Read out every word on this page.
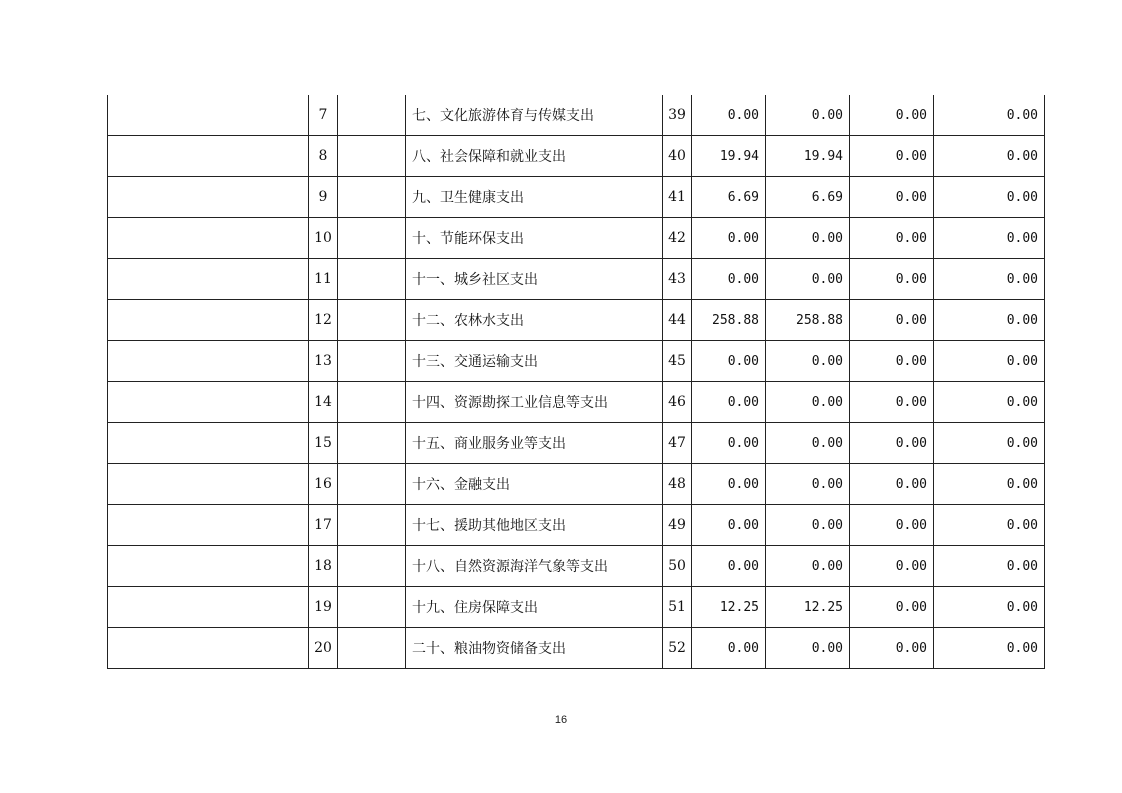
	7		七、文化旅游体育与传媒支出	39	0.00	0.00	0.00	0.00
	8		八、社会保障和就业支出	40	19.94	19.94	0.00	0.00
	9		九、卫生健康支出	41	6.69	6.69	0.00	0.00
	10		十、节能环保支出	42	0.00	0.00	0.00	0.00
	11		十一、城乡社区支出	43	0.00	0.00	0.00	0.00
	12		十二、农林水支出	44	258.88	258.88	0.00	0.00
	13		十三、交通运输支出	45	0.00	0.00	0.00	0.00
	14		十四、资源勘探工业信息等支出	46	0.00	0.00	0.00	0.00
	15		十五、商业服务业等支出	47	0.00	0.00	0.00	0.00
	16		十六、金融支出	48	0.00	0.00	0.00	0.00
	17		十七、援助其他地区支出	49	0.00	0.00	0.00	0.00
	18		十八、自然资源海洋气象等支出	50	0.00	0.00	0.00	0.00
	19		十九、住房保障支出	51	12.25	12.25	0.00	0.00
	20		二十、粮油物资储备支出	52	0.00	0.00	0.00	0.00
16
